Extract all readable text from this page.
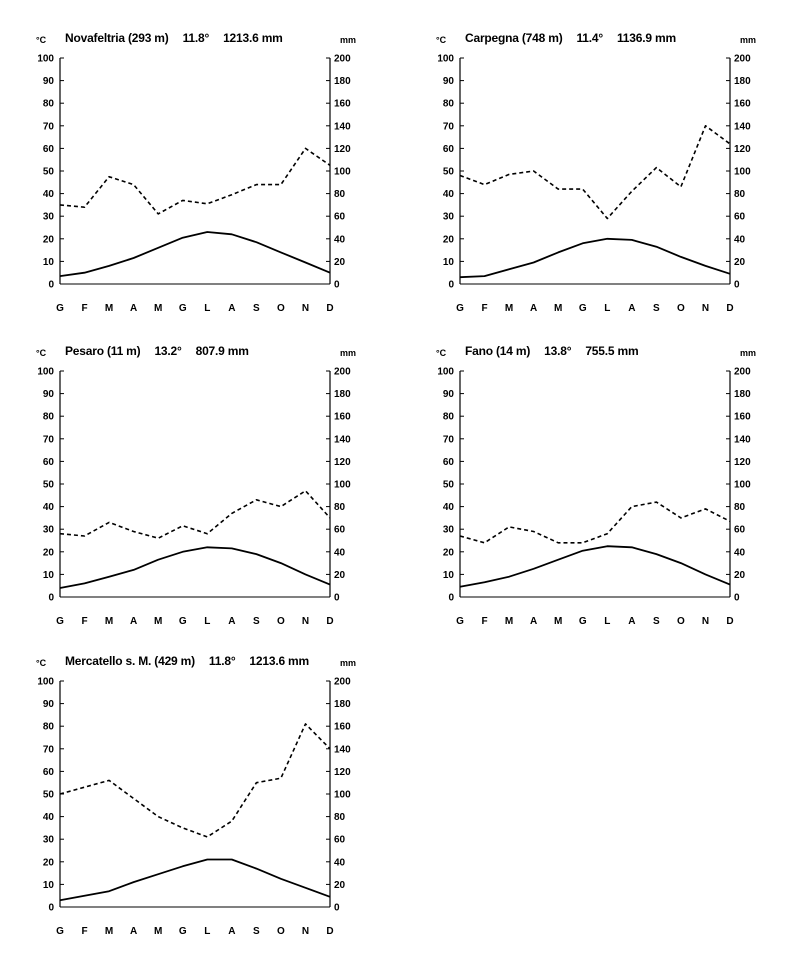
°C Novafeltria (293 m) 11.8° 1213.6 mm	mm
0
10
20
30
40
50
60
70
80
90
100
0
20
40
60
80
100
120
140
160
180
200
G F M A M G L A S O N D
°C Carpegna (748 m) 11.4° 1136.9 mm	mm
0
10
20
30
40
50
60
70
80
90
100
0
20
40
60
80
100
120
140
160
180
200
G F M A M G L A S O N D
°C Pesaro (11 m) 13.2° 807.9 mm	mm
0
10
20
30
40
50
60
70
80
90
100
0
20
40
60
80
100
120
140
160
180
200
G F M A M G L A S O N D
°C Fano (14 m) 13.8° 755.5 mm	mm
0
10
20
30
40
50
60
70
80
90
100
0
20
40
60
80
100
120
140
160
180
200
G F M A M G L A S O N D
°C Mercatello s. M. (429 m) 11.8° 1213.6 mm	mm
0
10
20
30
40
50
60
70
80
90
100
0
20
40
60
80
100
120
140
160
180
200
G F M A M G L A S O N D
